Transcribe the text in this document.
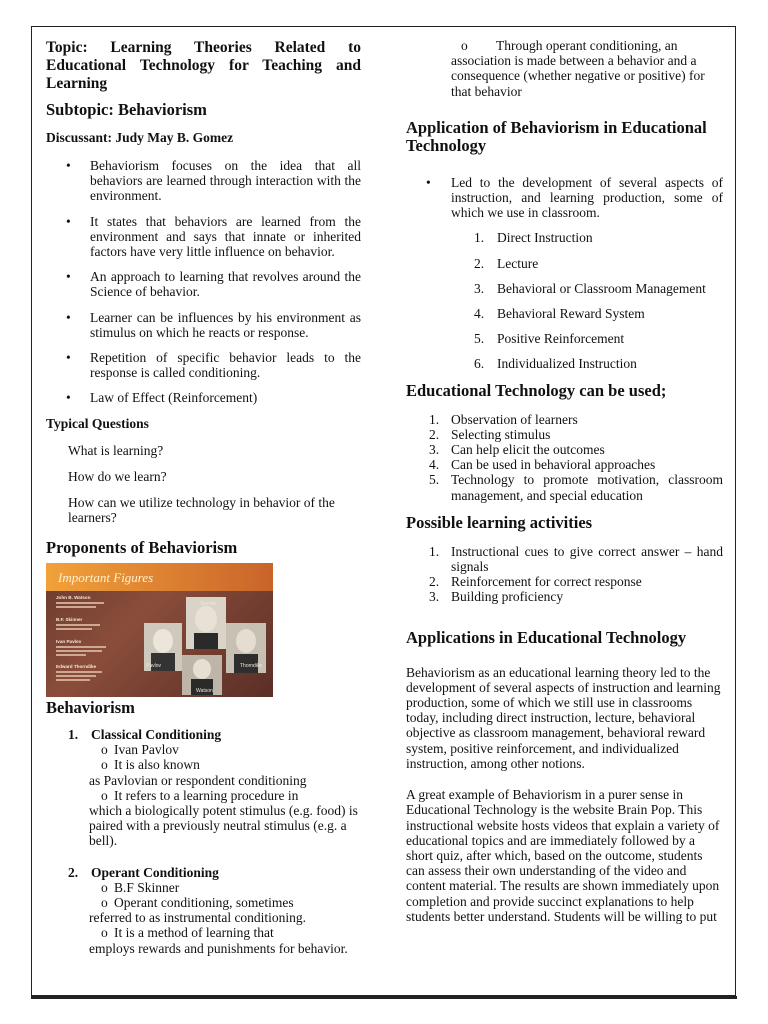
Topic: Learning Theories Related to Educational Technology for Teaching and Learning
Subtopic: Behaviorism
Discussant: Judy May B. Gomez
• Behaviorism focuses on the idea that all behaviors are learned through interaction with the environment.
• It states that behaviors are learned from the environment and says that innate or inherited factors have very little influence on behavior.
• An approach to learning that revolves around the Science of behavior.
• Learner can be influences by his environment as stimulus on which he reacts or response.
• Repetition of specific behavior leads to the response is called conditioning.
• Law of Effect (Reinforcement)
Typical Questions

What is learning?

How do we learn?

How can we utilize technology in behavior of the learners?

Proponents of Behaviorism
Important Figures
John B. Watson
B.F. Skinner
Ivan Pavlov
Edward Thorndike
Skinner
Pavlov	Thorndike
Watson
Behaviorism
1. Classical Conditioning

o Ivan Pavlov

o It is also known

as Pavlovian or respondent conditioning

o It refers to a learning procedure in

which a biologically potent stimulus (e.g. food) is paired with a previously neutral stimulus (e.g. a bell).

2. Operant Conditioning

o B.F Skinner

o Operant conditioning, sometimes

referred to as instrumental conditioning.

o It is a method of learning that

employs rewards and punishments for behavior.

o Through operant conditioning, an

association is made between a behavior and a consequence (whether negative or positive) for that behavior

Application of Behaviorism in Educational Technology
• Led to the development of several aspects of instruction, and learning production, some of which we use in classroom.
1. Direct Instruction
2. Lecture
3. Behavioral or Classroom Management
4. Behavioral Reward System
5. Positive Reinforcement
6. Individualized Instruction
Educational Technology can be used;
1. Observation of learners
2. Selecting stimulus
3. Can help elicit the outcomes
4. Can be used in behavioral approaches
5. Technology to promote motivation, classroom management, and special education
Possible learning activities
1. Instructional cues to give correct answer – hand signals
2. Reinforcement for correct response
3. Building proficiency
Applications in Educational Technology

Behaviorism as an educational learning theory led to the development of several aspects of instruction and learning production, some of which we still use in classrooms today, including direct instruction, lecture, behavioral objective as classroom management, behavioral reward system, positive reinforcement, and individualized instruction, among other notions.

A great example of Behaviorism in a purer sense in Educational Technology is the website Brain Pop. This instructional website hosts videos that explain a variety of educational topics and are immediately followed by a short quiz, after which, based on the outcome, students can assess their own understanding of the video and content material. The results are shown immediately upon completion and provide succinct explanations to help students better understand. Students will be willing to put
